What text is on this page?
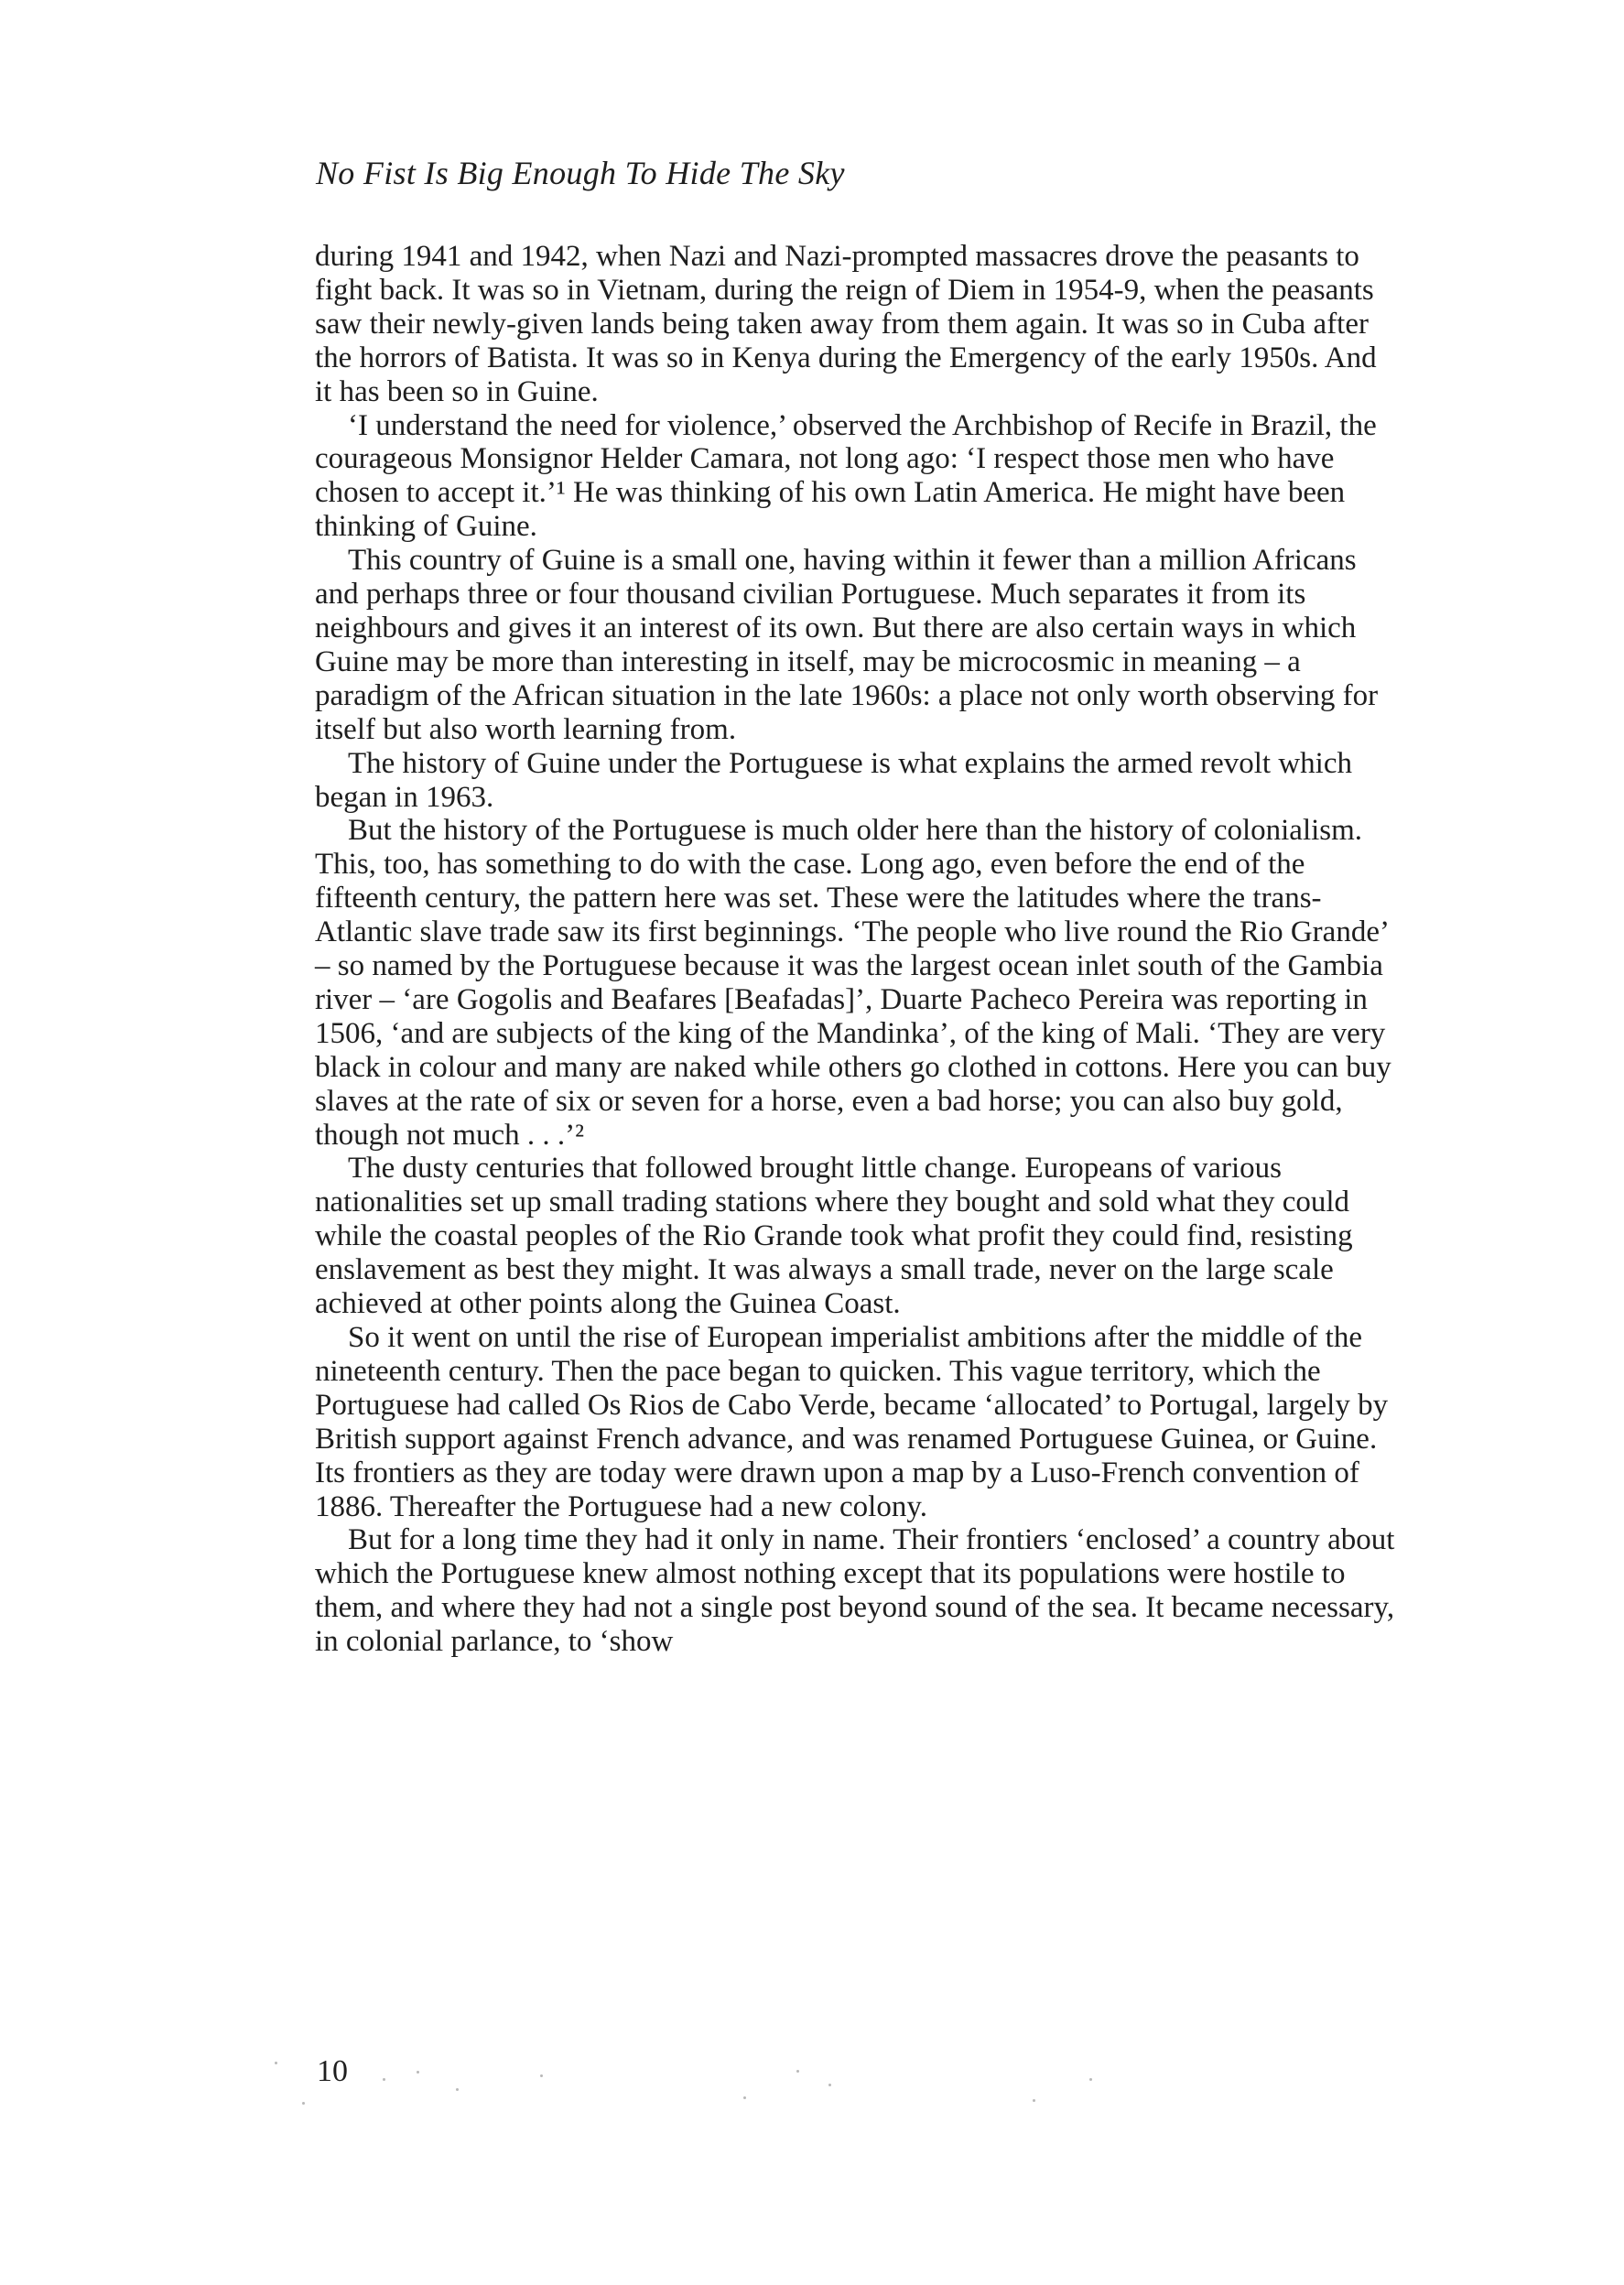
No Fist Is Big Enough To Hide The Sky

during 1941 and 1942, when Nazi and Nazi-prompted massacres drove the peasants to fight back. It was so in Vietnam, during the reign of Diem in 1954-9, when the peasants saw their newly-given lands being taken away from them again. It was so in Cuba after the horrors of Batista. It was so in Kenya during the Emergency of the early 1950s. And it has been so in Guine.

‘I understand the need for violence,’ observed the Archbishop of Recife in Brazil, the courageous Monsignor Helder Camara, not long ago: ‘I respect those men who have chosen to accept it.’¹ He was thinking of his own Latin America. He might have been thinking of Guine.

This country of Guine is a small one, having within it fewer than a million Africans and perhaps three or four thousand civilian Portuguese. Much separates it from its neighbours and gives it an interest of its own. But there are also certain ways in which Guine may be more than interesting in itself, may be microcosmic in meaning – a paradigm of the African situation in the late 1960s: a place not only worth observing for itself but also worth learning from.

The history of Guine under the Portuguese is what explains the armed revolt which began in 1963.

But the history of the Portuguese is much older here than the history of colonialism. This, too, has something to do with the case. Long ago, even before the end of the fifteenth century, the pattern here was set. These were the latitudes where the trans-Atlantic slave trade saw its first beginnings. ‘The people who live round the Rio Grande’ – so named by the Portuguese because it was the largest ocean inlet south of the Gambia river – ‘are Gogolis and Beafares [Beafadas]’, Duarte Pacheco Pereira was reporting in 1506, ‘and are subjects of the king of the Mandinka’, of the king of Mali. ‘They are very black in colour and many are naked while others go clothed in cottons. Here you can buy slaves at the rate of six or seven for a horse, even a bad horse; you can also buy gold, though not much . . .’²

The dusty centuries that followed brought little change. Europeans of various nationalities set up small trading stations where they bought and sold what they could while the coastal peoples of the Rio Grande took what profit they could find, resisting enslavement as best they might. It was always a small trade, never on the large scale achieved at other points along the Guinea Coast.

So it went on until the rise of European imperialist ambitions after the middle of the nineteenth century. Then the pace began to quicken. This vague territory, which the Portuguese had called Os Rios de Cabo Verde, became ‘allocated’ to Portugal, largely by British support against French advance, and was renamed Portuguese Guinea, or Guine. Its frontiers as they are today were drawn upon a map by a Luso-French convention of 1886. Thereafter the Portuguese had a new colony.

But for a long time they had it only in name. Their frontiers ‘enclosed’ a country about which the Portuguese knew almost nothing except that its populations were hostile to them, and where they had not a single post beyond sound of the sea. It became necessary, in colonial parlance, to ‘show

10
